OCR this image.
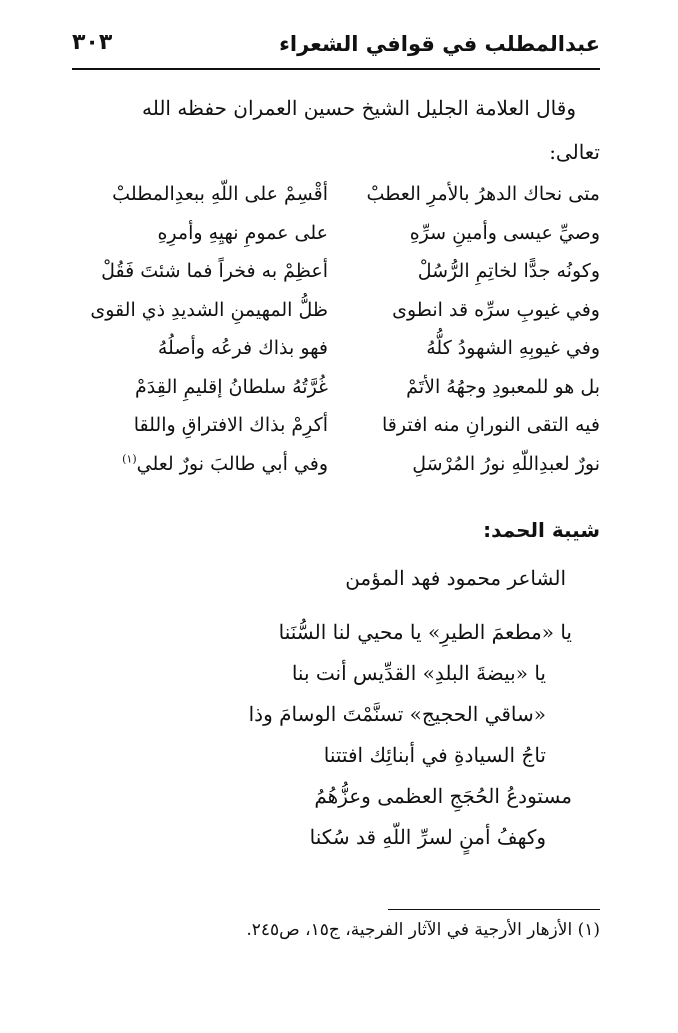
عبدالمطلب في قوافي الشعراء
٣٠٣
وقال العلامة الجليل الشيخ حسين العمران حفظه الله
تعالى:
متى نحاك الدهرُ بالأمرِ العطبْ
أقْسِمْ على اللّهِ ببعدِالمطلبْ
وصيِّ عيسى وأمينِ سرِّهِ
على عمومِ نهيِهِ وأمرِهِ
وكونُه جدًّا لخاتِمِ الرُّسُلْ
أعظِمْ به فخراً فما شئتَ فَقُلْ
وفي غيوبِ سرِّه قد انطوى
ظلُّ المهيمنِ الشديدِ ذي القوى
وفي غيوبِهِ الشهودُ كلُّهُ
فهو بذاك فرعُه وأصلُهُ
بل هو للمعبودِ وجهُهُ الأتَمْ
غُرَّتُهُ سلطانُ إقليمِ القِدَمْ
فيه التقى النورانِ منه افترقا
أكرِمْ بذاك الافتراقِ واللقا
نورٌ لعبدِاللّهِ نورُ المُرْسَلِ
وفي أبي طالبَ نورٌ لعلي$^{(١)}$
شيبة الحمد:
الشاعر محمود فهد المؤمن
يا «مطعمَ الطيرِ» يا محيي لنا السُّنَنا
يا «بيضةَ البلدِ» القدِّيس أنت بنا
«ساقي الحجيج» تسنَّمْتَ الوسامَ وذا
تاجُ السيادةِ في أبنائِك افتتنا
مستودعُ الحُجَجِ العظمى وعزُّهُمُ
وكهفُ أمنٍ لسرِّ اللّهِ قد سُكنا
(١) الأزهار الأرجية في الآثار الفرجية، ج١٥، ص٢٤٥.
